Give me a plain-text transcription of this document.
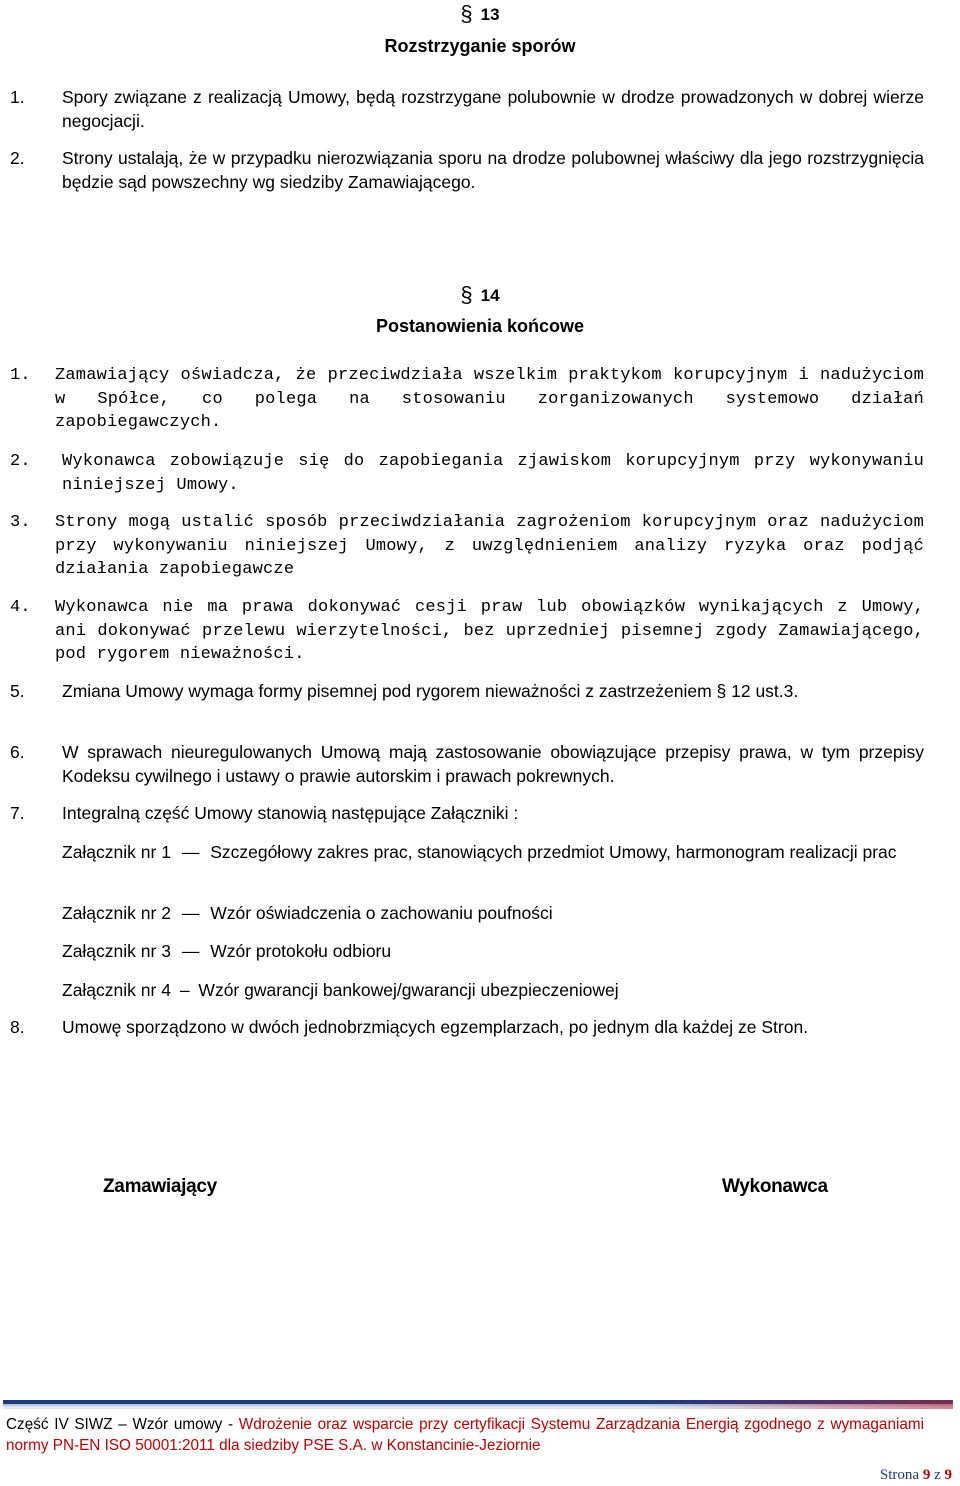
§ 13
Rozstrzyganie sporów
1. Spory związane z realizacją Umowy, będą rozstrzygane polubownie w drodze prowadzonych w dobrej wierze negocjacji.
2. Strony ustalają, że w przypadku nierozwiązania sporu na drodze polubownej właściwy dla jego rozstrzygnięcia będzie sąd powszechny wg siedziby Zamawiającego.
§ 14
Postanowienia końcowe
1. Zamawiający oświadcza, że przeciwdziała wszelkim praktykom korupcyjnym i nadużyciom w Spółce, co polega na stosowaniu zorganizowanych systemowo działań zapobiegawczych.
2. Wykonawca zobowiązuje się do zapobiegania zjawiskom korupcyjnym przy wykonywaniu niniejszej Umowy.
3. Strony mogą ustalić sposób przeciwdziałania zagrożeniom korupcyjnym oraz nadużyciom przy wykonywaniu niniejszej Umowy, z uwzględnieniem analizy ryzyka oraz podjąć działania zapobiegawcze
4. Wykonawca nie ma prawa dokonywać cesji praw lub obowiązków wynikających z Umowy, ani dokonywać przelewu wierzytelności, bez uprzedniej pisemnej zgody Zamawiającego, pod rygorem nieważności.
5. Zmiana Umowy wymaga formy pisemnej pod rygorem nieważności z zastrzeżeniem § 12 ust.3.
6. W sprawach nieuregulowanych Umową mają zastosowanie obowiązujące przepisy prawa, w tym przepisy Kodeksu cywilnego i ustawy o prawie autorskim i prawach pokrewnych.
7. Integralną część Umowy stanowią następujące Załączniki :
Załącznik nr 1 — Szczegółowy zakres prac, stanowiących przedmiot Umowy, harmonogram realizacji prac
Załącznik nr 2 — Wzór oświadczenia o zachowaniu poufności
Załącznik nr 3 — Wzór protokołu odbioru
Załącznik nr 4 – Wzór gwarancji bankowej/gwarancji ubezpieczeniowej
8. Umowę sporządzono w dwóch jednobrzmiących egzemplarzach, po jednym dla każdej ze Stron.
Zamawiający	Wykonawca
Część IV SIWZ – Wzór umowy - Wdrożenie oraz wsparcie przy certyfikacji Systemu Zarządzania Energią zgodnego z wymaganiami normy PN-EN ISO 50001:2011 dla siedziby PSE S.A. w Konstancinie-Jeziornie
Strona 9 z 9
